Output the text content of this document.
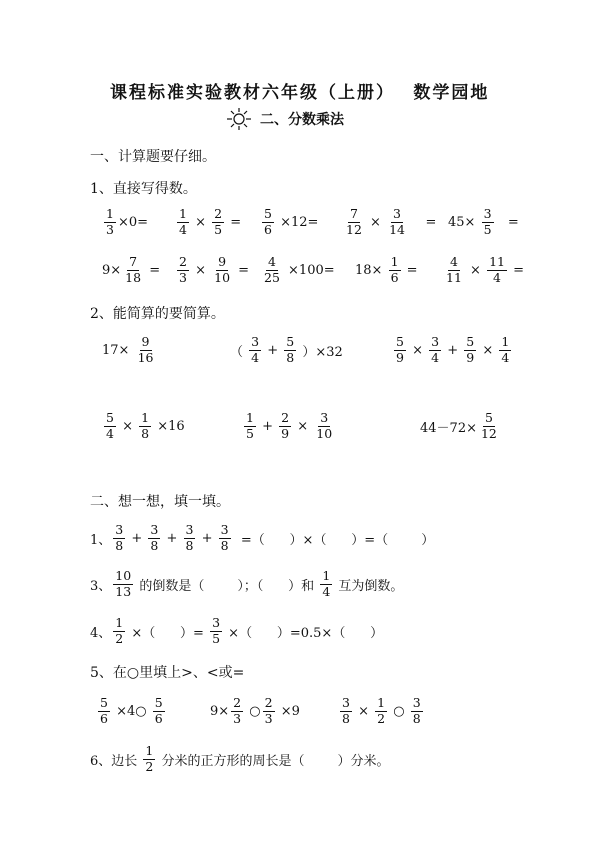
课程标准实验教材六年级（上册）　 数学园地
二、分数乘法
一、计算题要仔细。
1、直接写得数。
$\frac{1}{3} \times 0= \frac{1}{4} \times \frac{2}{5} = \frac{5}{6} \times 12= \frac{7}{12} \times \frac{3}{14} = 45\times \frac{3}{5}$ =
$9\times \frac{7}{18} = \frac{2}{3} \times \frac{9}{10} = \frac{4}{25} \times 100= 18\times \frac{1}{6} = \frac{4}{11} \times \frac{11}{4}$ =
2、能简算的要简算。
$17\times \frac{9}{16}$	（ $\frac{3}{4} + \frac{5}{8} )\times 32$	$\frac{5}{9} \times \frac{3}{4} + \frac{5}{9} \times \frac{1}{4}$
$\frac{5}{4} \times \frac{1}{8} \times 16$	$\frac{1}{5} + \frac{2}{9} \times \frac{3}{10}$	$44-72\times \frac{5}{12}$
二、想一想，填一填。
1、 $\frac{3}{8} + \frac{3}{8} + \frac{3}{8} + \frac{3}{8}$ =（      ）×（      ）=（        ）
3、 $\frac{10}{13}$ 的倒数是（        ）；（      ）和 $\frac{1}{4}$ 互为倒数。
4、 $\frac{1}{2}$ ×（      ）= $\frac{3}{5}$ ×（      ）=0.5×（      ）
5、在○里填上>、<或=
$\frac{5}{6}$ ×4○ $\frac{5}{6}$	$9\times \frac{2}{3}$ ○ $\frac{2}{3} \times 9$	$\frac{3}{8} \times \frac{1}{2}$ ○ $\frac{3}{8}$
6、边长 $\frac{1}{2}$ 分米的正方形的周长是（        ）分米。
